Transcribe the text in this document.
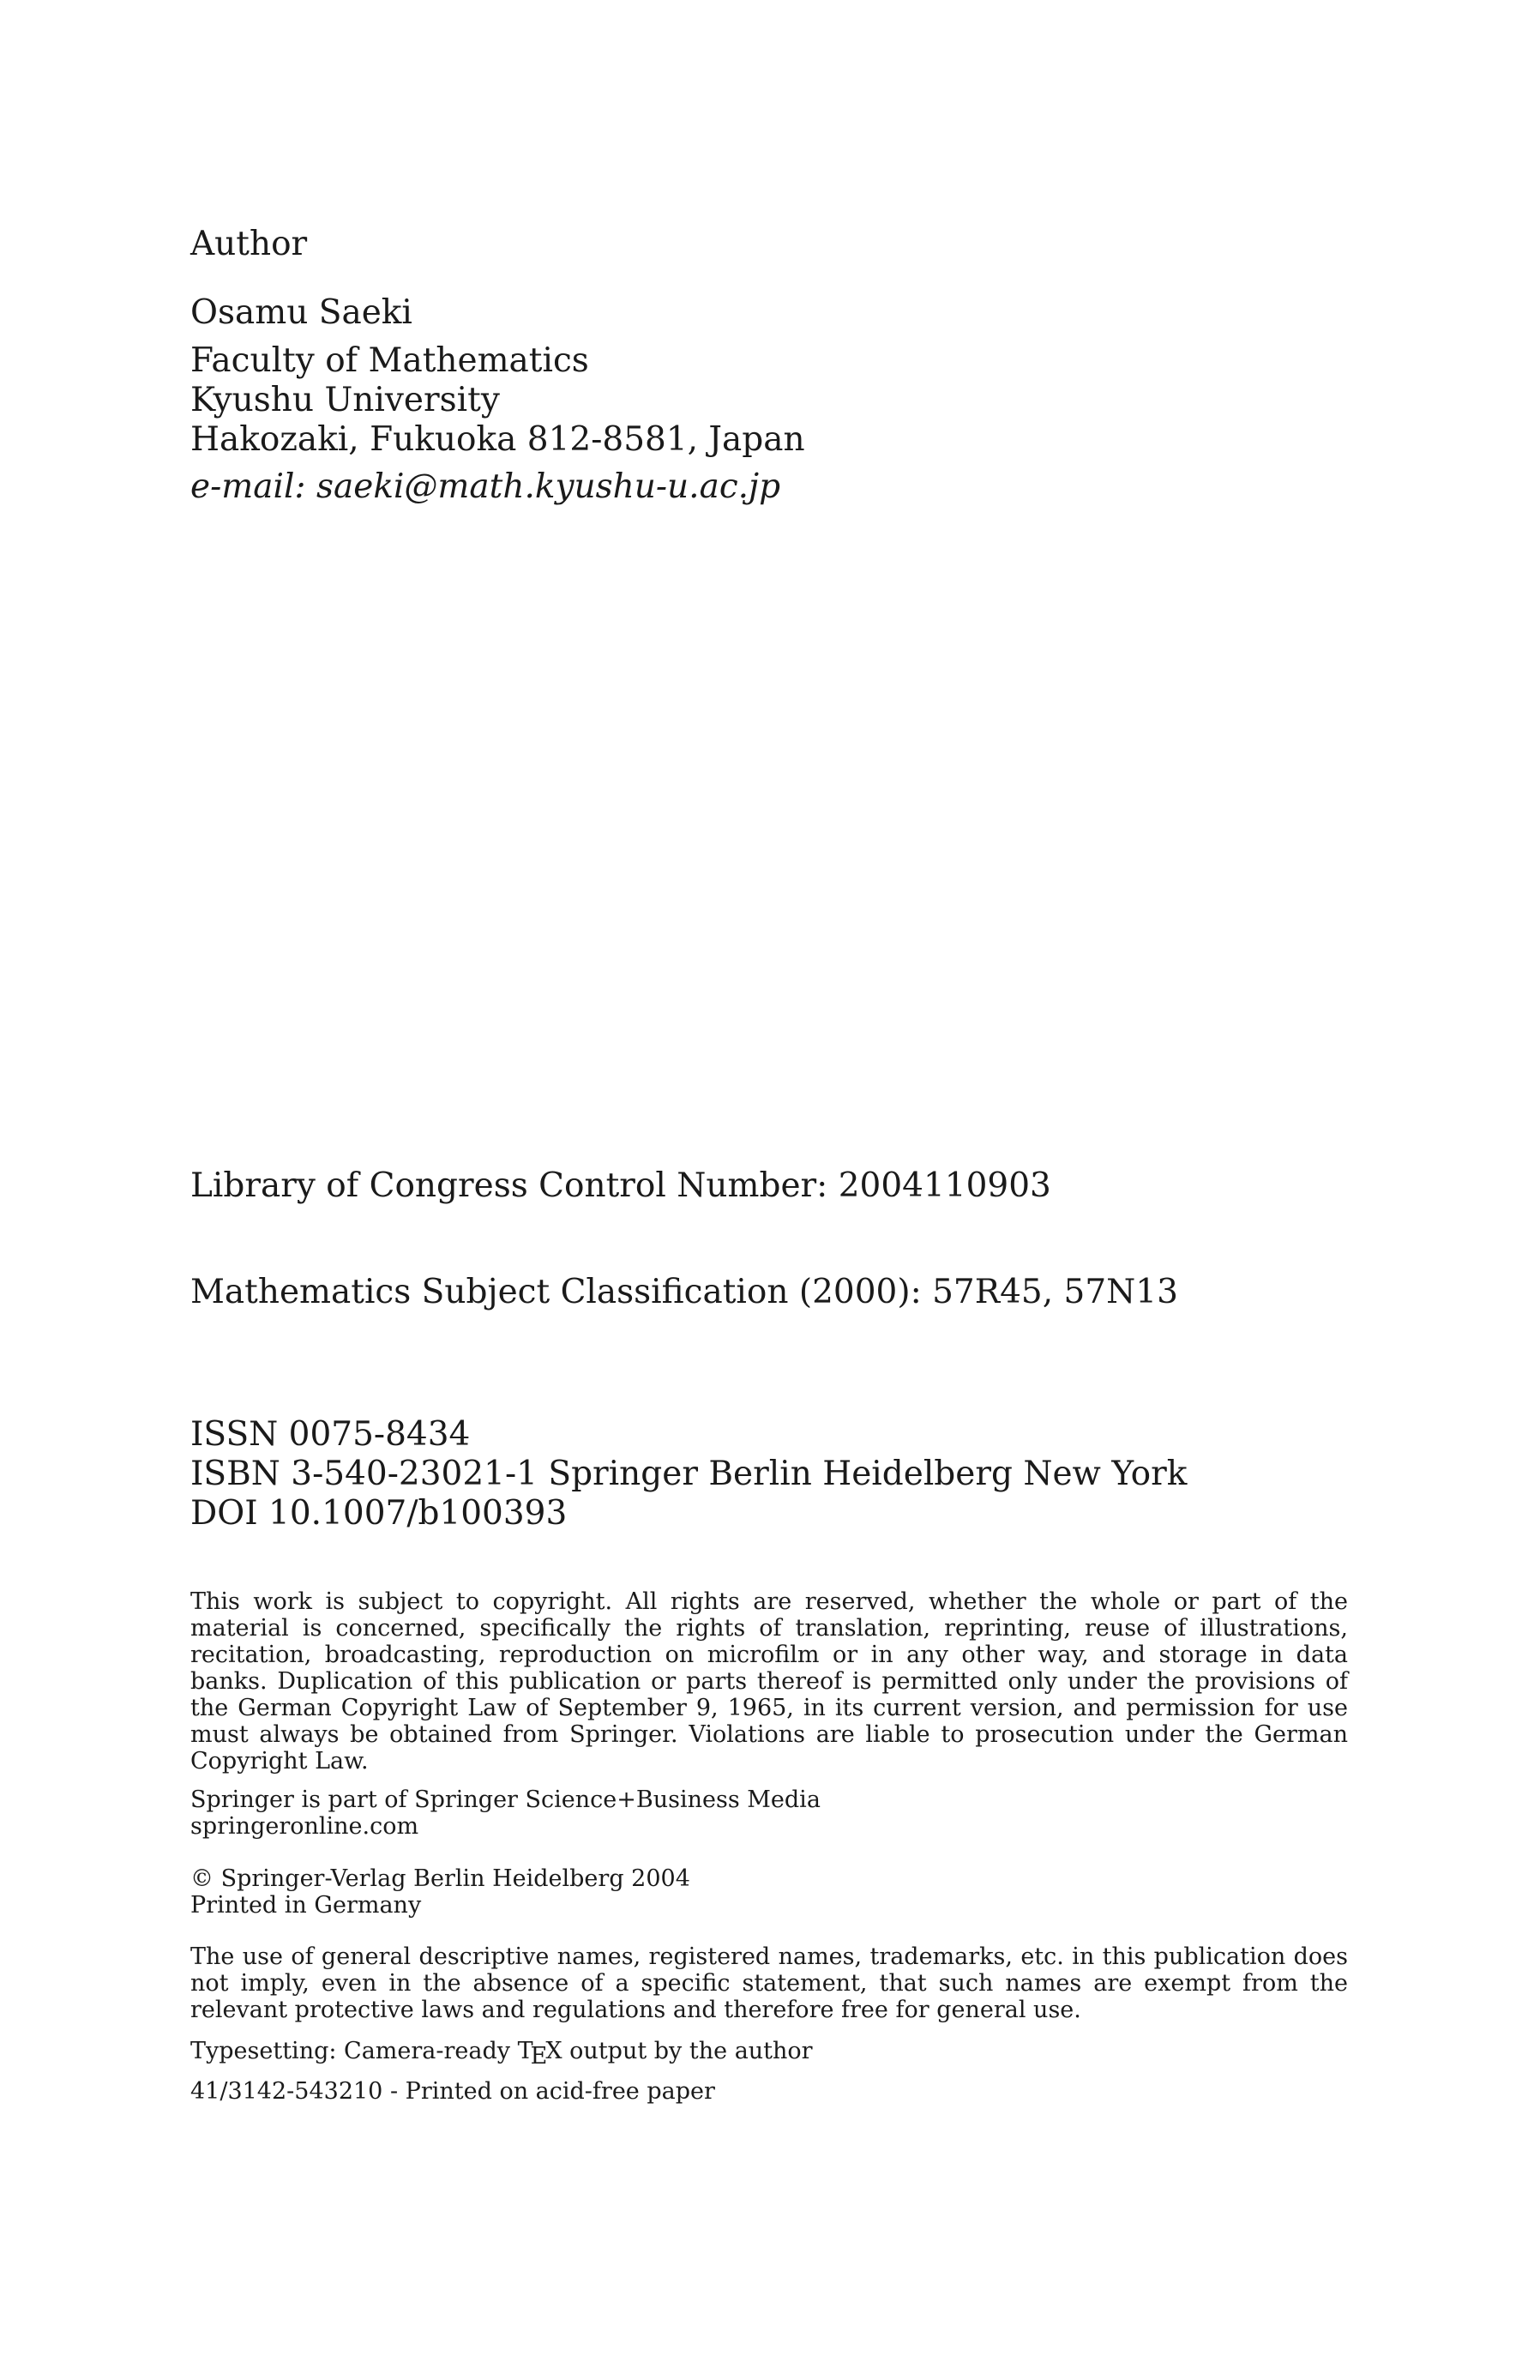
Author
Osamu Saeki
Faculty of Mathematics
Kyushu University
Hakozaki, Fukuoka 812-8581, Japan
e-mail: saeki@math.kyushu-u.ac.jp
Library of Congress Control Number: 2004110903
Mathematics Subject Classification (2000): 57R45, 57N13
ISSN 0075-8434
ISBN 3-540-23021-1 Springer Berlin Heidelberg New York
DOI 10.1007/b100393
This work is subject to copyright. All rights are reserved, whether the whole or part of the material is concerned, specifically the rights of translation, reprinting, reuse of illustrations, recitation, broadcasting, reproduction on microfilm or in any other way, and storage in data banks. Duplication of this publication or parts thereof is permitted only under the provisions of the German Copyright Law of September 9, 1965, in its current version, and permission for use must always be obtained from Springer. Violations are liable to prosecution under the German Copyright Law.
Springer is part of Springer Science+Business Media
springeronline.com
© Springer-Verlag Berlin Heidelberg 2004
Printed in Germany
The use of general descriptive names, registered names, trademarks, etc. in this publication does not imply, even in the absence of a specific statement, that such names are exempt from the relevant protective laws and regulations and therefore free for general use.
Typesetting: Camera-ready TEX output by the author
41/3142-543210 - Printed on acid-free paper
